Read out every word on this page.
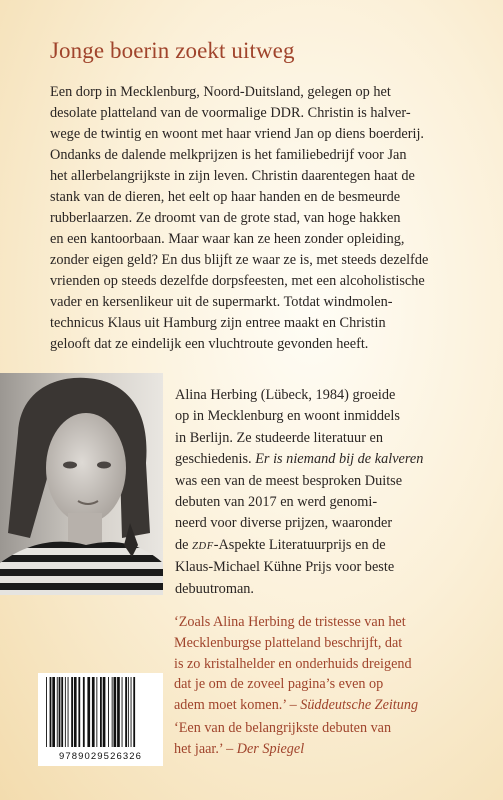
Jonge boerin zoekt uitweg
Een dorp in Mecklenburg, Noord-Duitsland, gelegen op het
desolate platteland van de voormalige DDR. Christin is halver-
wege de twintig en woont met haar vriend Jan op diens boerderij.
Ondanks de dalende melkprijzen is het familiebedrijf voor Jan
het allerbelangrijkste in zijn leven. Christin daarentegen haat de
stank van de dieren, het eelt op haar handen en de besmeurde
rubberlaarzen. Ze droomt van de grote stad, van hoge hakken
en een kantoorbaan. Maar waar kan ze heen zonder opleiding,
zonder eigen geld? En dus blijft ze waar ze is, met steeds dezelfde
vrienden op steeds dezelfde dorpsfeesten, met een alcoholistische
vader en kersenlikeur uit de supermarkt. Totdat windmolen-
technicus Klaus uit Hamburg zijn entree maakt en Christin
gelooft dat ze eindelijk een vluchtroute gevonden heeft.
Alina Herbing (Lübeck, 1984) groeide
op in Mecklenburg en woont inmiddels
in Berlijn. Ze studeerde literatuur en
geschiedenis. Er is niemand bij de kalveren
was een van de meest besproken Duitse
debuten van 2017 en werd genomi-
neerd voor diverse prijzen, waaronder
de ZDF-Aspekte Literatuurprijs en de
Klaus-Michael Kühne Prijs voor beste
debuutroman.
‘Zoals Alina Herbing de tristesse van het
Mecklenburgse platteland beschrijft, dat
is zo kristalhelder en onderhuids dreigend
dat je om de zoveel pagina’s even op
adem moet komen.’ – Süddeutsche Zeitung
‘Een van de belangrijkste debuten van
het jaar.’ – Der Spiegel
9789029526326
